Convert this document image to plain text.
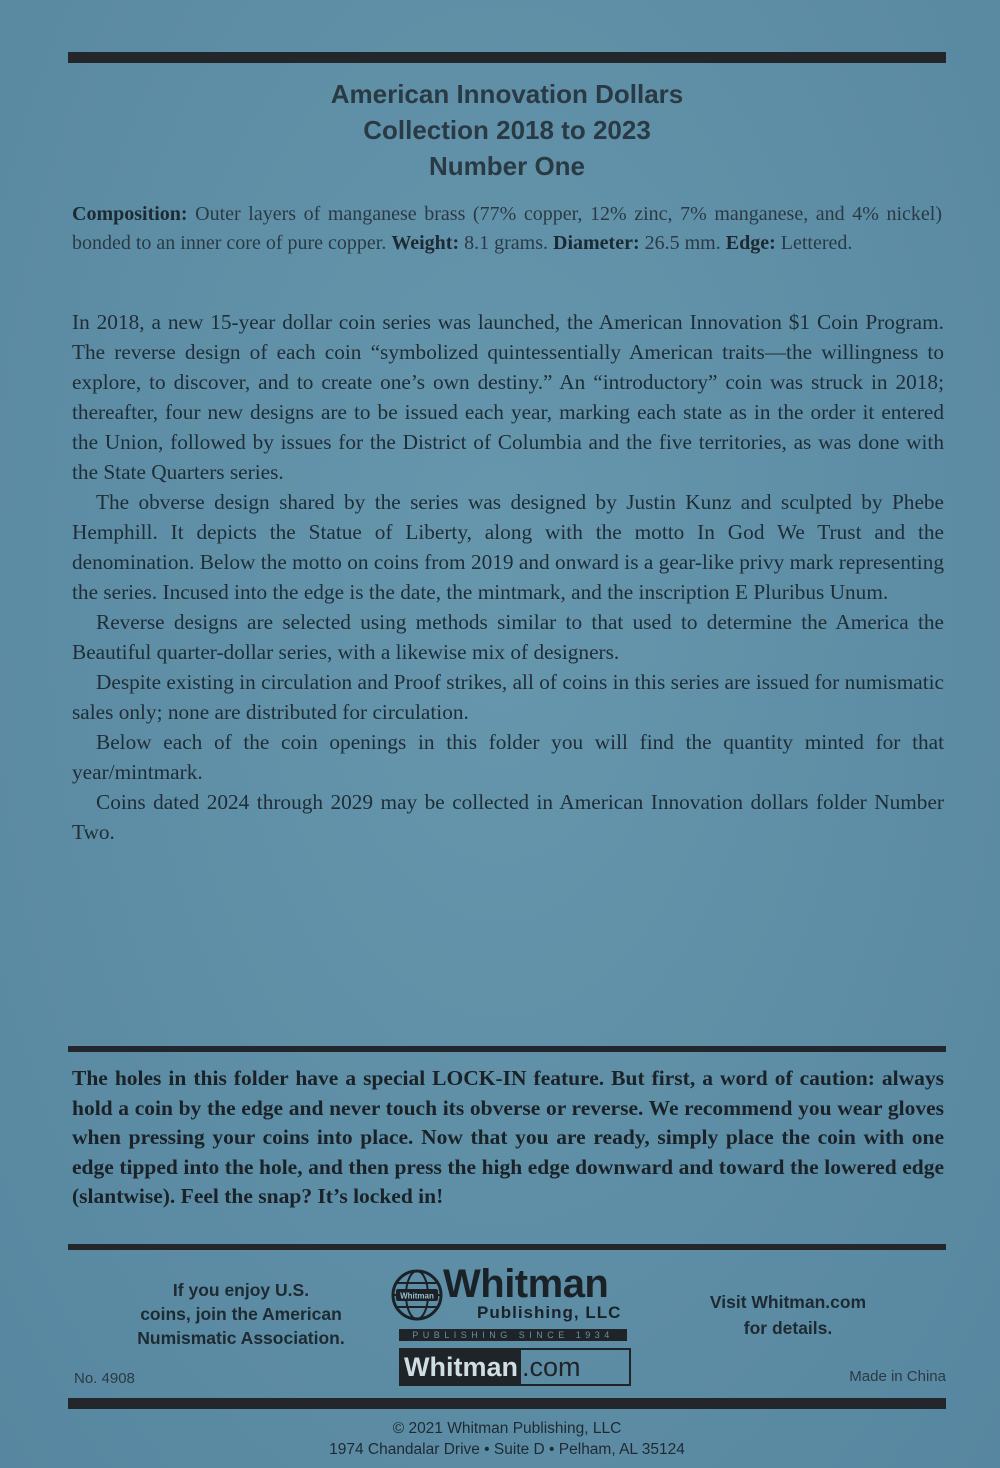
American Innovation Dollars
Collection 2018 to 2023
Number One
Composition: Outer layers of manganese brass (77% copper, 12% zinc, 7% manganese, and 4% nickel) bonded to an inner core of pure copper. Weight: 8.1 grams. Diameter: 26.5 mm. Edge: Lettered.

In 2018, a new 15-year dollar coin series was launched, the American Innovation $1 Coin Program. The reverse design of each coin “symbolized quintessentially American traits—the willingness to explore, to discover, and to create one’s own destiny.” An “introductory” coin was struck in 2018; thereafter, four new designs are to be issued each year, marking each state as in the order it entered the Union, followed by issues for the District of Columbia and the five territories, as was done with the State Quarters series.

The obverse design shared by the series was designed by Justin Kunz and sculpted by Phebe Hemphill. It depicts the Statue of Liberty, along with the motto In God We Trust and the denomination. Below the motto on coins from 2019 and onward is a gear-like privy mark representing the series. Incused into the edge is the date, the mintmark, and the inscription E Pluribus Unum.

Reverse designs are selected using methods similar to that used to determine the America the Beautiful quarter-dollar series, with a likewise mix of designers.

Despite existing in circulation and Proof strikes, all of coins in this series are issued for numismatic sales only; none are distributed for circulation.

Below each of the coin openings in this folder you will find the quantity minted for that year/mintmark.

Coins dated 2024 through 2029 may be collected in American Innovation dollars folder Number Two.

The holes in this folder have a special LOCK-IN feature. But first, a word of caution: always hold a coin by the edge and never touch its obverse or reverse. We recommend you wear gloves when pressing your coins into place. Now that you are ready, simply place the coin with one edge tipped into the hole, and then press the high edge downward and toward the lowered edge (slantwise). Feel the snap? It’s locked in!
If you enjoy U.S.
coins, join the American
Numismatic Association.
Whitman Whitman
Publishing, LLC
PUBLISHING SINCE 1934
Whitman .com
Visit Whitman.com
for details.
No. 4908	Made in China
© 2021 Whitman Publishing, LLC
1974 Chandalar Drive • Suite D • Pelham, AL 35124
